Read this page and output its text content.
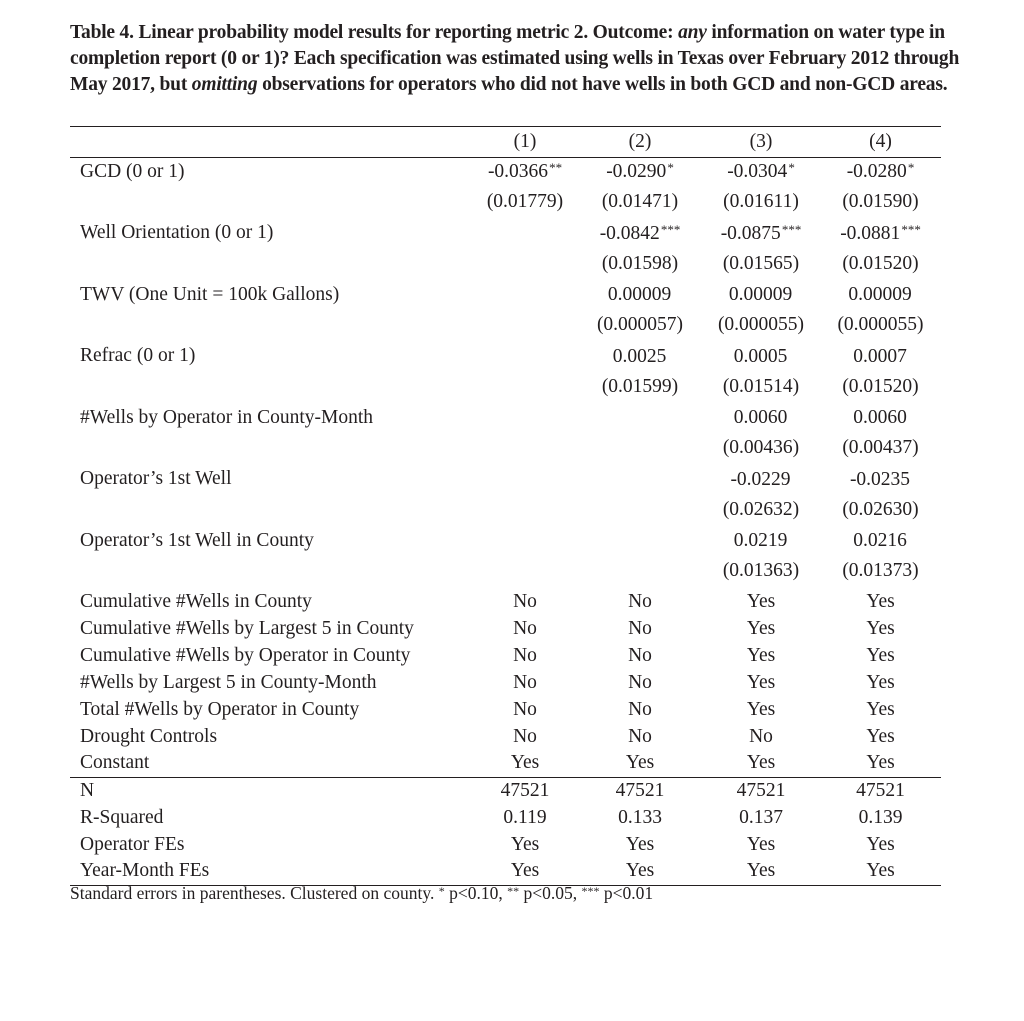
Table 4. Linear probability model results for reporting metric 2. Outcome: any information on water type in completion report (0 or 1)? Each specification was estimated using wells in Texas over February 2012 through May 2017, but omitting observations for operators who did not have wells in both GCD and non-GCD areas.
	(1)	(2)	(3)	(4)
GCD (0 or 1)	-0.0366**	-0.0290*	-0.0304*	-0.0280*
	(0.01779)	(0.01471)	(0.01611)	(0.01590)
Well Orientation (0 or 1)		-0.0842***	-0.0875***	-0.0881***
		(0.01598)	(0.01565)	(0.01520)
TWV (One Unit = 100k Gallons)		0.00009	0.00009	0.00009
		(0.000057)	(0.000055)	(0.000055)
Refrac (0 or 1)		0.0025	0.0005	0.0007
		(0.01599)	(0.01514)	(0.01520)
#Wells by Operator in County-Month			0.0060	0.0060
			(0.00436)	(0.00437)
Operator’s 1st Well			-0.0229	-0.0235
			(0.02632)	(0.02630)
Operator’s 1st Well in County			0.0219	0.0216
			(0.01363)	(0.01373)
Cumulative #Wells in County	No	No	Yes	Yes
Cumulative #Wells by Largest 5 in County	No	No	Yes	Yes
Cumulative #Wells by Operator in County	No	No	Yes	Yes
#Wells by Largest 5 in County-Month	No	No	Yes	Yes
Total #Wells by Operator in County	No	No	Yes	Yes
Drought Controls	No	No	No	Yes
Constant	Yes	Yes	Yes	Yes
N	47521	47521	47521	47521
R-Squared	0.119	0.133	0.137	0.139
Operator FEs	Yes	Yes	Yes	Yes
Year-Month FEs	Yes	Yes	Yes	Yes
Standard errors in parentheses. Clustered on county. * p<0.10, ** p<0.05, *** p<0.01
